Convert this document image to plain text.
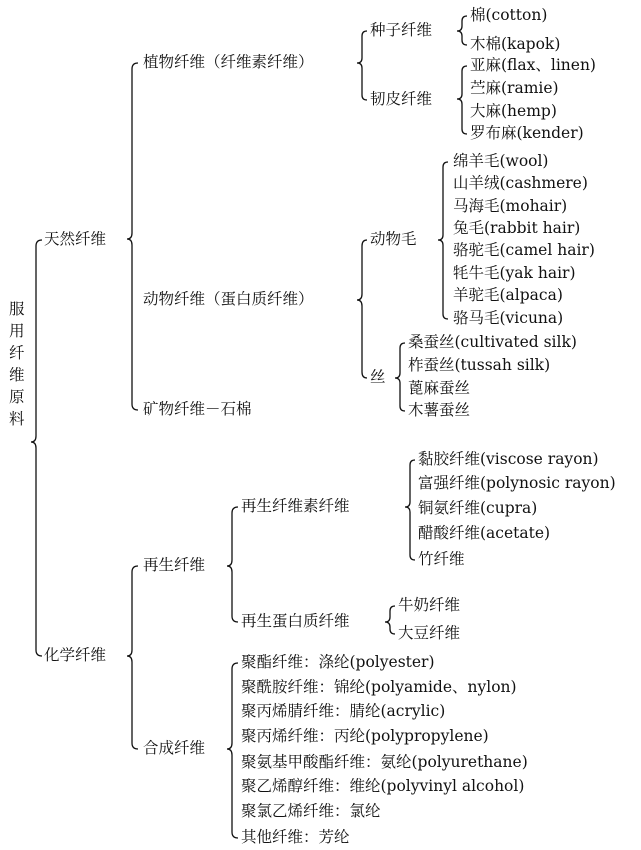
服
用
纤
维
原
料
天然纤维
化学纤维
植物纤维（纤维素纤维）
动物纤维（蛋白质纤维）
矿物纤维－石棉
种子纤维
韧皮纤维
棉(cotton)
木棉(kapok)
亚麻(flax、linen)
苎麻(ramie)
大麻(hemp)
罗布麻(kender)
动物毛
丝
绵羊毛(wool)
山羊绒(cashmere)
马海毛(mohair)
兔毛(rabbit hair)
骆驼毛(camel hair)
牦牛毛(yak hair)
羊驼毛(alpaca)
骆马毛(vicuna)
桑蚕丝(cultivated silk)
柞蚕丝(tussah silk)
蓖麻蚕丝
木薯蚕丝
再生纤维
合成纤维
再生纤维素纤维
再生蛋白质纤维
黏胶纤维(viscose rayon)
富强纤维(polynosic rayon)
铜氨纤维(cupra)
醋酸纤维(acetate)
竹纤维
牛奶纤维
大豆纤维
聚酯纤维：涤纶(polyester)
聚酰胺纤维：锦纶(polyamide、nylon)
聚丙烯腈纤维：腈纶(acrylic)
聚丙烯纤维：丙纶(polypropylene)
聚氨基甲酸酯纤维：氨纶(polyurethane)
聚乙烯醇纤维：维纶(polyvinyl alcohol)
聚氯乙烯纤维：氯纶
其他纤维：芳纶
